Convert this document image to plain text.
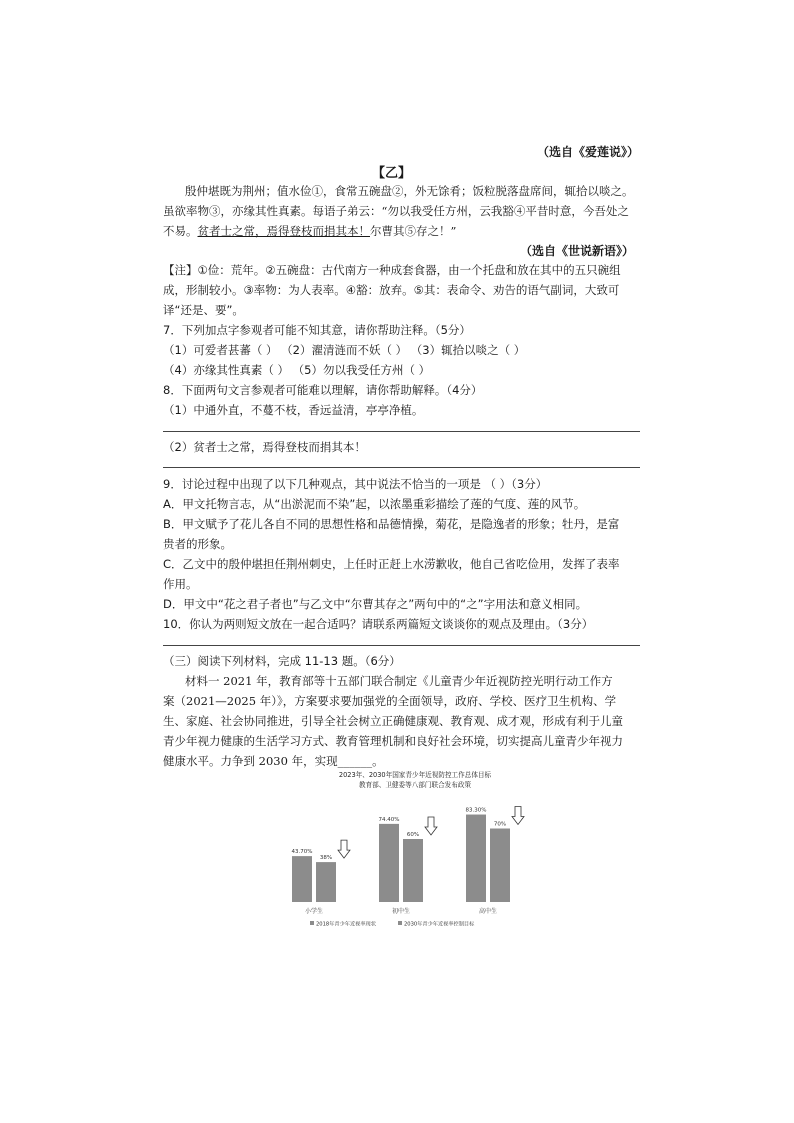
（选自《爱莲说》）
【乙】
殷仲堪既为荆州；值水俭①，食常五碗盘②，外无馀肴；饭粒脱落盘席间，辄拾以啖之。
虽欲率物③，亦缘其性真素。每语子弟云：“勿以我受任方州，云我豁④平昔时意，今吾处之
不易。贫者士之常，焉得登枝而捐其本！尔曹其⑤存之！”
（选自《世说新语》）
【注】①俭：荒年。②五碗盘：古代南方一种成套食器，由一个托盘和放在其中的五只碗组
成，形制较小。③率物：为人表率。④豁：放弃。⑤其：表命令、劝告的语气副词，大致可
译“还是、要”。
7．下列加点字参观者可能不知其意，请你帮助注释。（5分）
（1）可爱者甚蕃（ ） （2）濯清涟而不妖（ ） （3）辄拾以啖之（ ）
（4）亦缘其性真素（ ） （5）勿以我受任方州（ ）
8．下面两句文言参观者可能难以理解，请你帮助解释。（4分）
（1）中通外直，不蔓不枝，香远益清，亭亭净植。
（2）贫者士之常，焉得登枝而捐其本！
9．讨论过程中出现了以下几种观点，其中说法不恰当的一项是 （ ）（3分）
A．甲文托物言志，从“出淤泥而不染”起，以浓墨重彩描绘了莲的气度、莲的风节。
B．甲文赋予了花儿各自不同的思想性格和品德情操，菊花，是隐逸者的形象；牡丹，是富
贵者的形象。
C．乙文中的殷仲堪担任荆州刺史，上任时正赶上水涝歉收，他自己省吃俭用，发挥了表率
作用。
D．甲文中“花之君子者也”与乙文中“尔曹其存之”两句中的“之”字用法和意义相同。
10．你认为两则短文放在一起合适吗？请联系两篇短文谈谈你的观点及理由。（3分）
（三）阅读下列材料，完成 11-13 题。（6分）
材料一 2021 年，教育部等十五部门联合制定《儿童青少年近视防控光明行动工作方
案（2021—2025 年）》，方案要求要加强党的全面领导，政府、学校、医疗卫生机构、学
生、家庭、社会协同推进，引导全社会树立正确健康观、教育观、成才观，形成有利于儿童
青少年视力健康的生活学习方式、教育管理机制和良好社会环境，切实提高儿童青少年视力
健康水平。力争到 2030 年，实现______。
2023年、2030年国家青少年近视防控工作总体目标
教育部、卫健委等八部门联合发布政策
43.70%
38%
小学生
74.40%
60%
初中生
83.30%
70%
高中生
2018年青少年近视率现状	2030年青少年近视率控制目标
